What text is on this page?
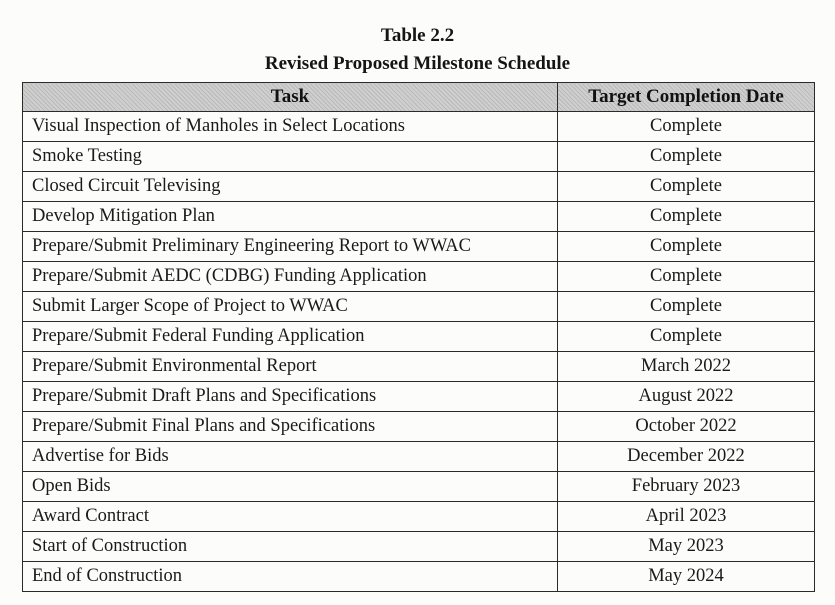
Table 2.2
Revised Proposed Milestone Schedule
Task	Target Completion Date
Visual Inspection of Manholes in Select Locations	Complete
Smoke Testing	Complete
Closed Circuit Televising	Complete
Develop Mitigation Plan	Complete
Prepare/Submit Preliminary Engineering Report to WWAC	Complete
Prepare/Submit AEDC (CDBG) Funding Application	Complete
Submit Larger Scope of Project to WWAC	Complete
Prepare/Submit Federal Funding Application	Complete
Prepare/Submit Environmental Report	March 2022
Prepare/Submit Draft Plans and Specifications	August 2022
Prepare/Submit Final Plans and Specifications	October 2022
Advertise for Bids	December 2022
Open Bids	February 2023
Award Contract	April 2023
Start of Construction	May 2023
End of Construction	May 2024
